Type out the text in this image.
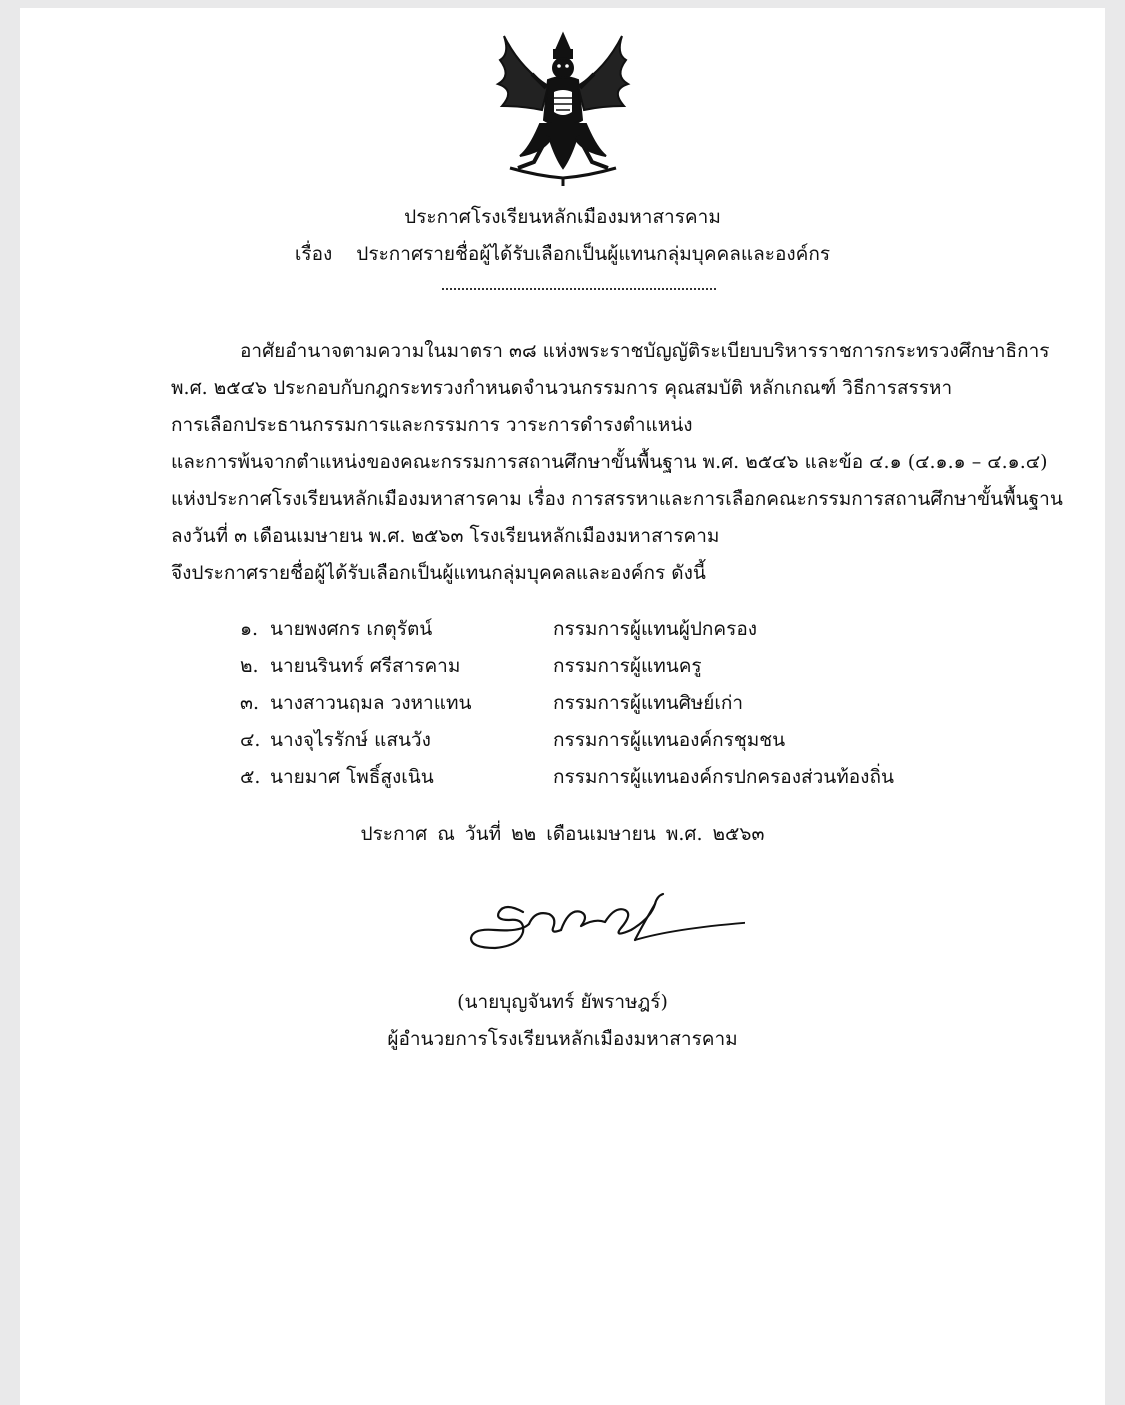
ประกาศโรงเรียนหลักเมืองมหาสารคาม
เรื่อง ประกาศรายชื่อผู้ได้รับเลือกเป็นผู้แทนกลุ่มบุคคลและองค์กร
อาศัยอำนาจตามความในมาตรา ๓๘ แห่งพระราชบัญญัติระเบียบบริหารราชการกระทรวงศึกษาธิการ
พ.ศ. ๒๕๔๖ ประกอบกับกฎกระทรวงกำหนดจำนวนกรรมการ คุณสมบัติ หลักเกณฑ์ วิธีการสรรหา
การเลือกประธานกรรมการและกรรมการ วาระการดำรงตำแหน่ง
และการพ้นจากตำแหน่งของคณะกรรมการสถานศึกษาขั้นพื้นฐาน พ.ศ. ๒๕๔๖ และข้อ ๔.๑ (๔.๑.๑ – ๔.๑.๔)
แห่งประกาศโรงเรียนหลักเมืองมหาสารคาม เรื่อง การสรรหาและการเลือกคณะกรรมการสถานศึกษาขั้นพื้นฐาน
ลงวันที่ ๓ เดือนเมษายน พ.ศ. ๒๕๖๓ โรงเรียนหลักเมืองมหาสารคาม
จึงประกาศรายชื่อผู้ได้รับเลือกเป็นผู้แทนกลุ่มบุคคลและองค์กร ดังนี้
๑. นายพงศกร เกตุรัตน์	กรรมการผู้แทนผู้ปกครอง
๒. นายนรินทร์ ศรีสารคาม	กรรมการผู้แทนครู
๓. นางสาวนฤมล วงหาแทน	กรรมการผู้แทนศิษย์เก่า
๔. นางจุไรรักษ์ แสนวัง	กรรมการผู้แทนองค์กรชุมชน
๕. นายมาศ โพธิ์สูงเนิน	กรรมการผู้แทนองค์กรปกครองส่วนท้องถิ่น
ประกาศ ณ วันที่ ๒๒ เดือนเมษายน พ.ศ. ๒๕๖๓
(นายบุญจันทร์ ยัพราษฎร์)
ผู้อำนวยการโรงเรียนหลักเมืองมหาสารคาม
